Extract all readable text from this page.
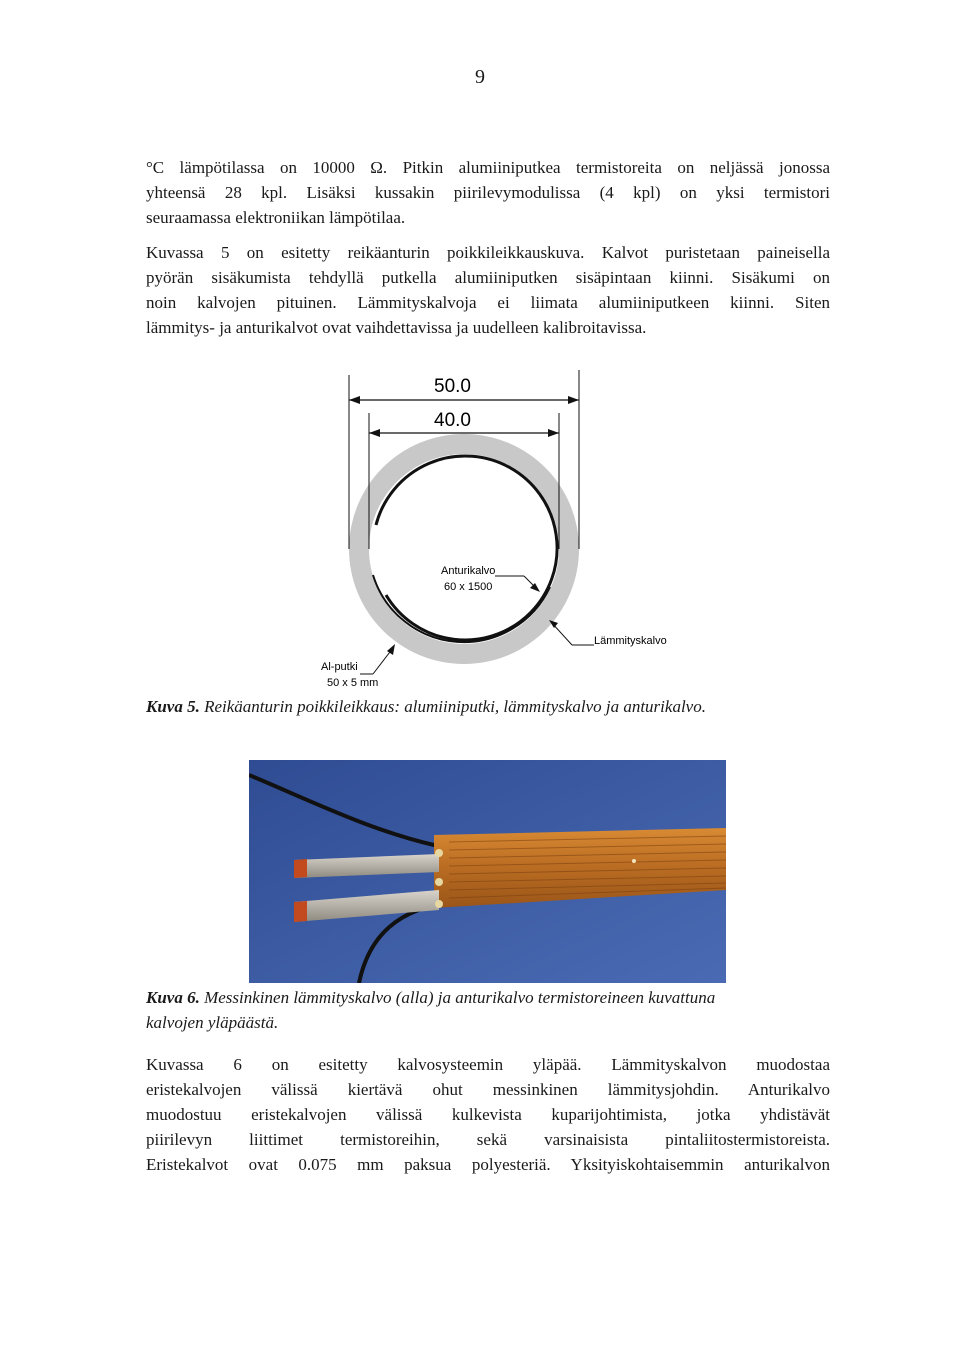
9

°C lämpötilassa on 10000 Ω. Pitkin alumiiniputkea termistoreita on neljässä jonossa

yhteensä 28 kpl. Lisäksi kussakin piirilevymodulissa (4 kpl) on yksi termistori

seuraamassa elektroniikan lämpötilaa.

Kuvassa 5 on esitetty reikäanturin poikkileikkauskuva. Kalvot puristetaan paineisella

pyörän sisäkumista tehdyllä putkella alumiiniputken sisäpintaan kiinni. Sisäkumi on

noin kalvojen pituinen. Lämmityskalvoja ei liimata alumiiniputkeen kiinni. Siten

lämmitys- ja anturikalvot ovat vaihdettavissa ja uudelleen kalibroitavissa.

50.0
40.0
Anturikalvo
60 x 1500
Lämmityskalvo
Al-putki
50 x 5 mm
Kuva 5. Reikäanturin poikkileikkaus: alumiiniputki, lämmityskalvo ja anturikalvo.
Kuva 6. Messinkinen lämmityskalvo (alla) ja anturikalvo termistoreineen kuvattuna
kalvojen yläpäästä.

Kuvassa 6 on esitetty kalvosysteemin yläpää. Lämmityskalvon muodostaa

eristekalvojen välissä kiertävä ohut messinkinen lämmitysjohdin. Anturikalvo

muodostuu eristekalvojen välissä kulkevista kuparijohtimista, jotka yhdistävät

piirilevyn liittimet termistoreihin, sekä varsinaisista pintaliitostermistoreista.

Eristekalvot ovat 0.075 mm paksua polyesteriä. Yksityiskohtaisemmin anturikalvon
